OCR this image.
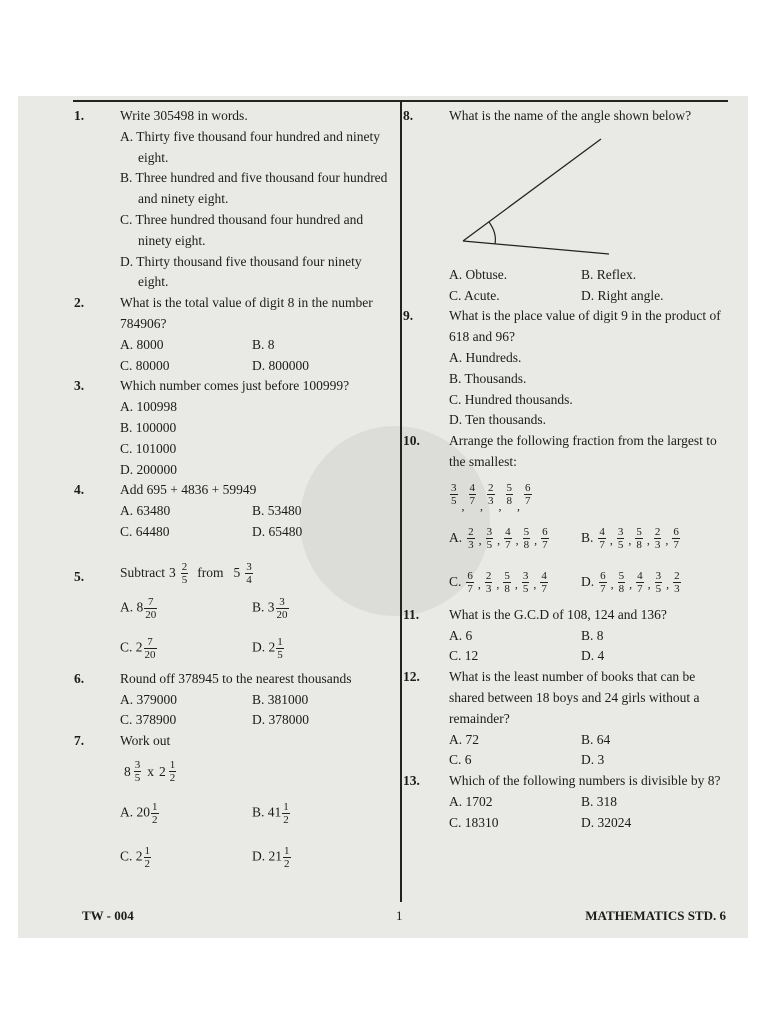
1.	Write 305498 in words.
A. Thirty five thousand four hundred and ninety eight.
B. Three hundred and five thousand four hundred and ninety eight.
C. Three hundred thousand four hundred and ninety eight.
D. Thirty thousand five thousand four ninety eight.
2.	What is the total value of digit 8 in the number 784906?
A. 8000	B. 8
C. 80000	D. 800000
3.	Which number comes just before 100999?
A. 100998
B. 100000
C. 101000
D. 200000
4.	Add 695 + 4836 + 59949
A. 63480	B. 53480
C. 64480	D. 65480
5.	Subtract $3 \frac{2}{5}$ from $5 \frac{3}{4}$
A. $8 \frac{7}{20}$	B. $3 \frac{3}{20}$
C. $2 \frac{7}{20}$	D. $2 \frac{1}{5}$
6.	Round off 378945 to the nearest thousands
A. 379000	B. 381000
C. 378900	D. 378000
7.	Work out
$8 \frac{3}{5}$ x $2 \frac{1}{2}$
A. $20 \frac{1}{2}$	B. $41 \frac{1}{2}$
C. $2 \frac{1}{2}$	D. $21 \frac{1}{2}$
8.	What is the name of the angle shown below?
A. Obtuse.	B. Reflex.
C. Acute.	D. Right angle.
9.	What is the place value of digit 9 in the product of 618 and 96?
A. Hundreds.
B. Thousands.
C. Hundred thousands.
D. Ten thousands.
10. Arrange the following fraction from the largest to the smallest:
$\frac{3}{5}$ , $\frac{4}{7}$ , $\frac{2}{3}$ , $\frac{5}{8}$ , $\frac{6}{7}$
A. $\frac{2}{3}$ , $\frac{3}{5}$ , $\frac{4}{7}$ , $\frac{5}{8}$ , $\frac{6}{7} B$. $\frac{4}{7}$ , $\frac{3}{5}$ , $\frac{5}{8}$ , $\frac{2}{3}$ , $\frac{6}{7}$
C. $\frac{6}{7}$ , $\frac{2}{3}$ , $\frac{5}{8}$ , $\frac{3}{5}$ , $\frac{4}{7} D$. $\frac{6}{7}$ , $\frac{5}{8}$ , $\frac{4}{7}$ , $\frac{3}{5}$ , $\frac{2}{3}$
11. What is the G.C.D of 108, 124 and 136?
A. 6	B. 8
C. 12	D. 4
12. What is the least number of books that can be shared between 18 boys and 24 girls without a remainder?
A. 72	B. 64
C. 6	D. 3
13. Which of the following numbers is divisible by 8?
A. 1702	B. 318
C. 18310	D. 32024
TW - 004	1	MATHEMATICS STD. 6
